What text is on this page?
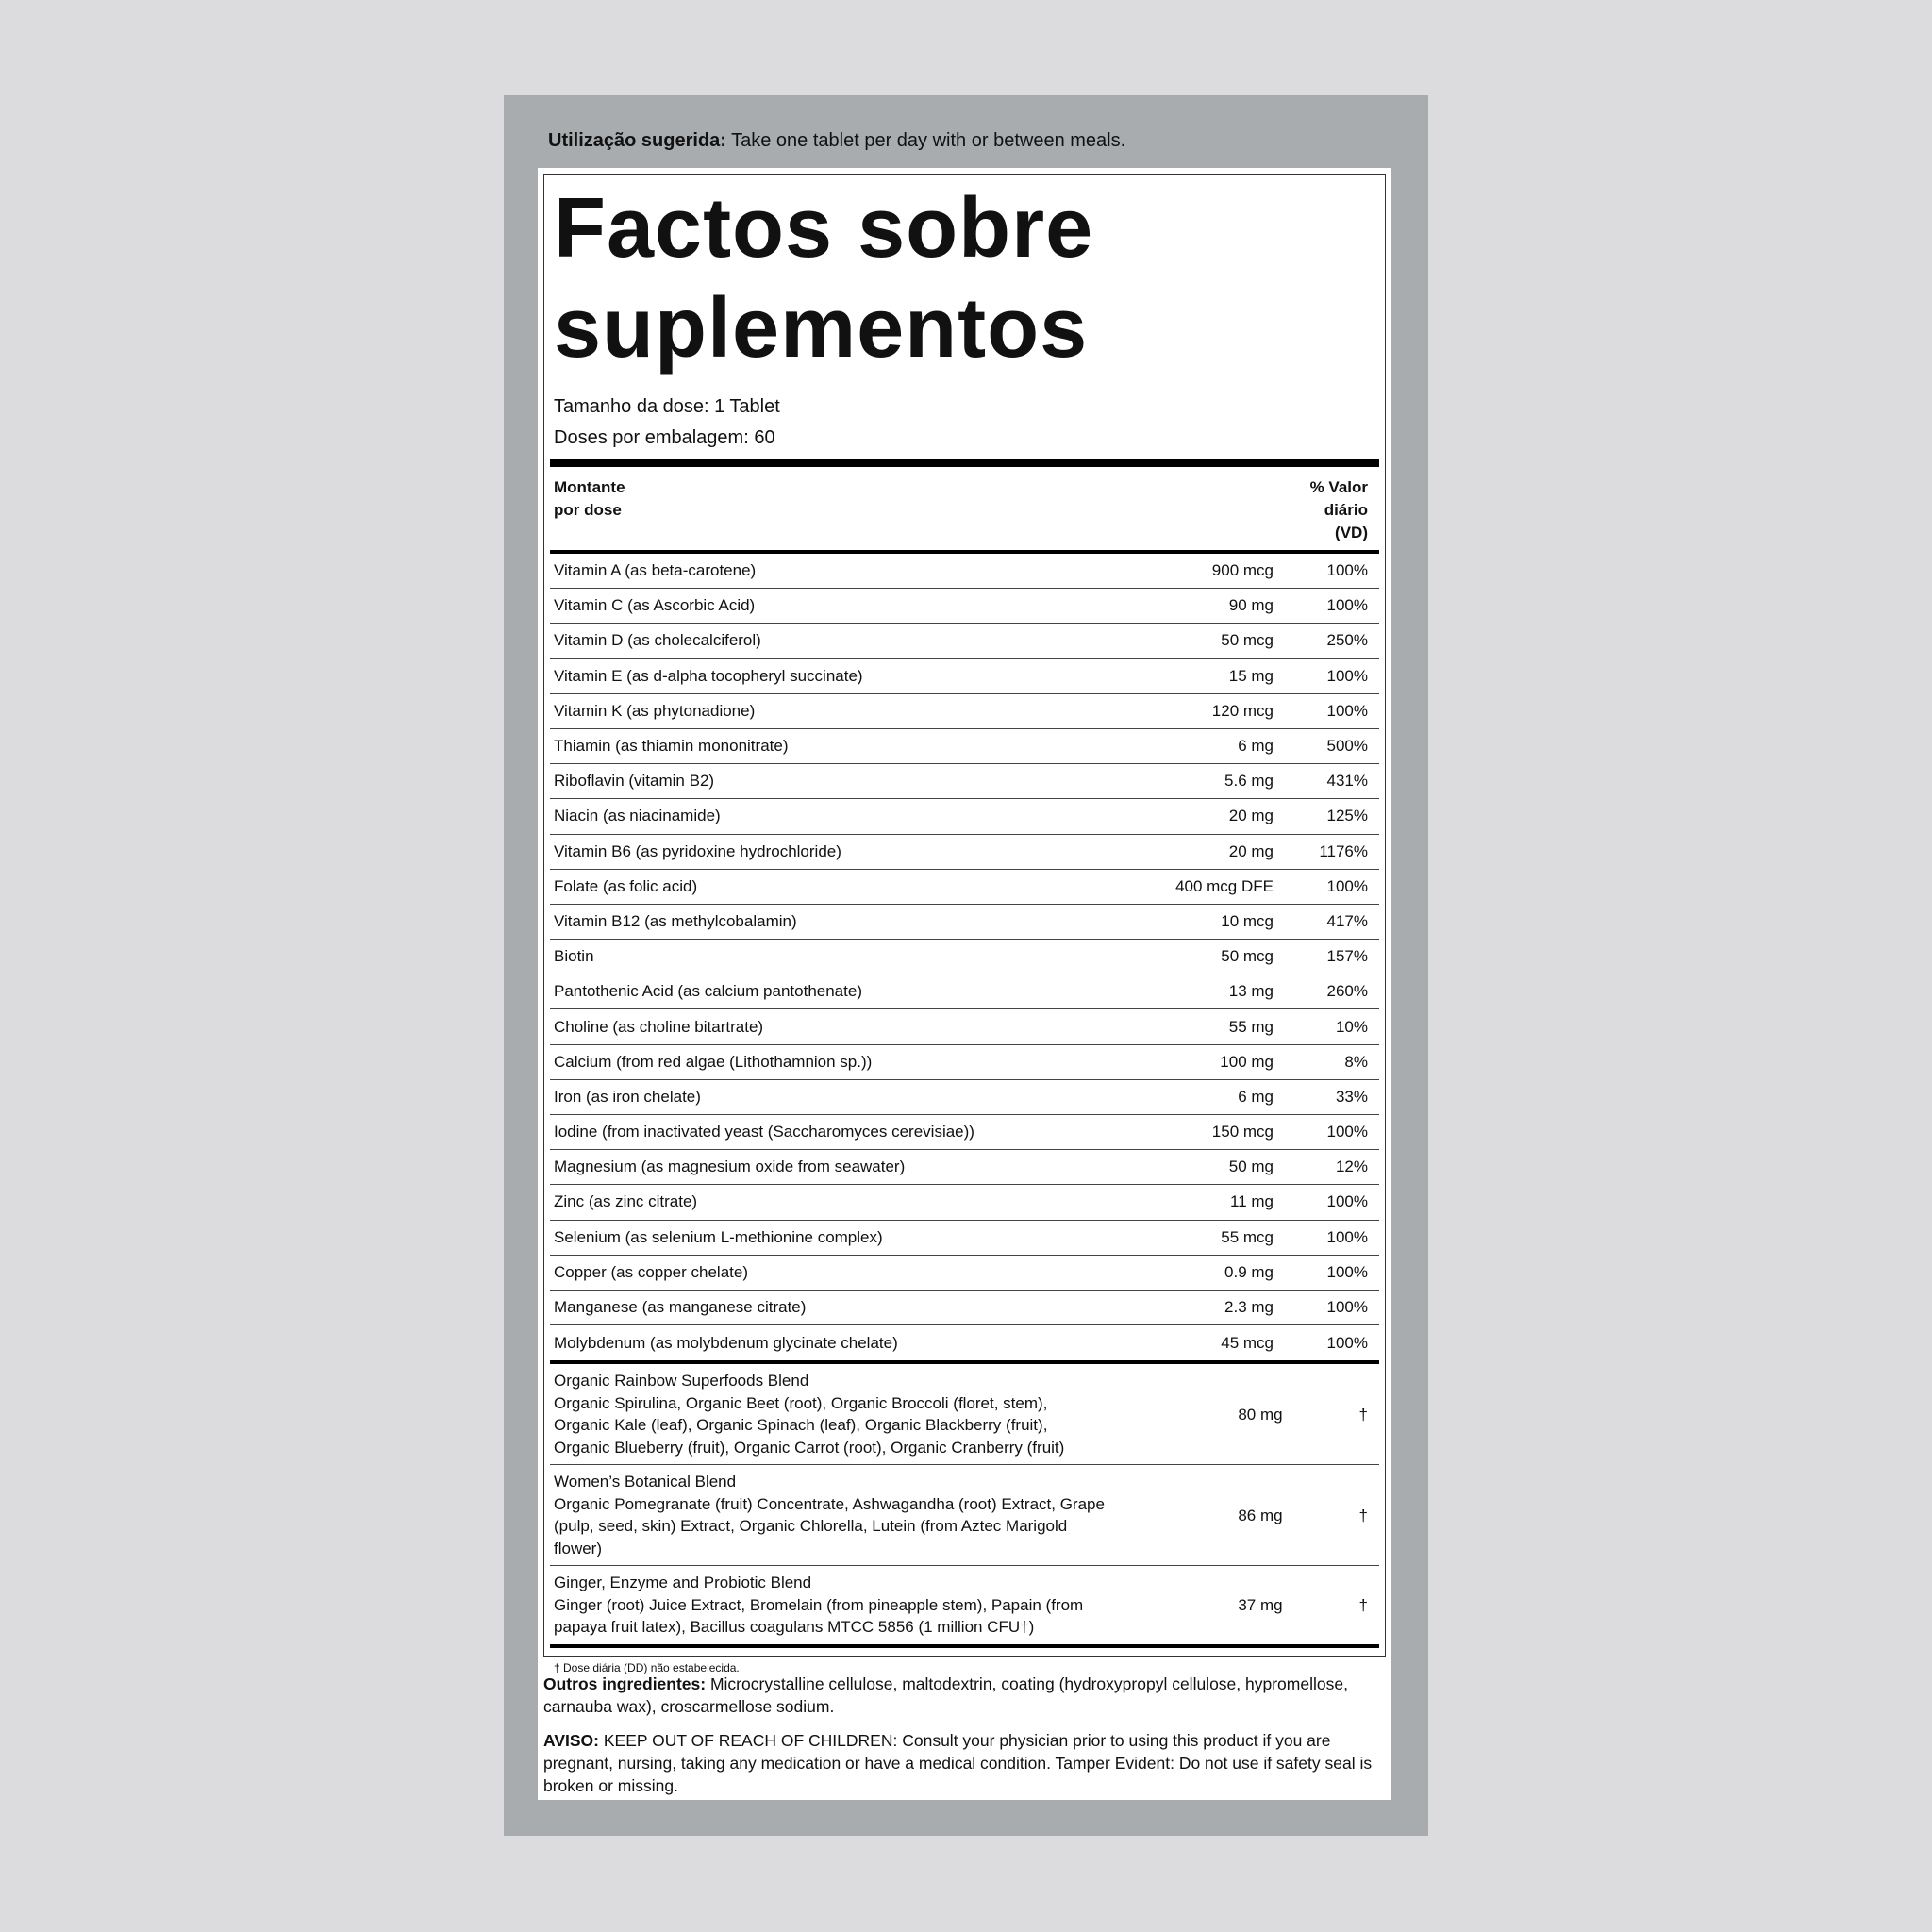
Utilização sugerida: Take one tablet per day with or between meals.
Factos sobre
suplementos
Tamanho da dose: 1 Tablet
Doses por embalagem: 60
Montante
por dose
% Valor
diário
(VD)
Vitamin A (as beta-carotene)	900 mcg	100%
Vitamin C (as Ascorbic Acid)	90 mg	100%
Vitamin D (as cholecalciferol)	50 mcg	250%
Vitamin E (as d-alpha tocopheryl succinate)	15 mg	100%
Vitamin K (as phytonadione)	120 mcg	100%
Thiamin (as thiamin mononitrate)	6 mg	500%
Riboflavin (vitamin B2)	5.6 mg	431%
Niacin (as niacinamide)	20 mg	125%
Vitamin B6 (as pyridoxine hydrochloride)	20 mg	1176%
Folate (as folic acid)	400 mcg DFE	100%
Vitamin B12 (as methylcobalamin)	10 mcg	417%
Biotin	50 mcg	157%
Pantothenic Acid (as calcium pantothenate)	13 mg	260%
Choline (as choline bitartrate)	55 mg	10%
Calcium (from red algae (Lithothamnion sp.))	100 mg	8%
Iron (as iron chelate)	6 mg	33%
Iodine (from inactivated yeast (Saccharomyces cerevisiae))	150 mcg	100%
Magnesium (as magnesium oxide from seawater)	50 mg	12%
Zinc (as zinc citrate)	11 mg	100%
Selenium (as selenium L-methionine complex)	55 mcg	100%
Copper (as copper chelate)	0.9 mg	100%
Manganese (as manganese citrate)	2.3 mg	100%
Molybdenum (as molybdenum glycinate chelate)	45 mcg	100%
Organic Rainbow Superfoods Blend
Organic Spirulina, Organic Beet (root), Organic Broccoli (floret, stem), Organic Kale (leaf), Organic Spinach (leaf), Organic Blackberry (fruit), Organic Blueberry (fruit), Organic Carrot (root), Organic Cranberry (fruit)
80 mg	†
Women’s Botanical Blend
Organic Pomegranate (fruit) Concentrate, Ashwagandha (root) Extract, Grape (pulp, seed, skin) Extract, Organic Chlorella, Lutein (from Aztec Marigold flower)
86 mg	†
Ginger, Enzyme and Probiotic Blend
Ginger (root) Juice Extract, Bromelain (from pineapple stem), Papain (from papaya fruit latex), Bacillus coagulans MTCC 5856 (1 million CFU†)
37 mg	†
† Dose diária (DD) não estabelecida.
Outros ingredientes: Microcrystalline cellulose, maltodextrin, coating (hydroxypropyl cellulose, hypromellose, carnauba wax), croscarmellose sodium.
AVISO: KEEP OUT OF REACH OF CHILDREN: Consult your physician prior to using this product if you are pregnant, nursing, taking any medication or have a medical condition. Tamper Evident: Do not use if safety seal is broken or missing.
